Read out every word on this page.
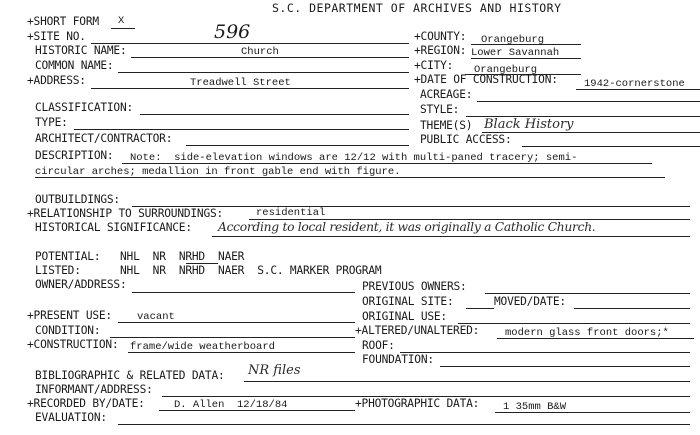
S.C. DEPARTMENT OF ARCHIVES AND HISTORY
+SHORT FORM X
+SITE NO.	596	+COUNTY: Orangeburg
HISTORIC NAME:	Church	+REGION: Lower Savannah
COMMON NAME:	+CITY: Orangeburg
+ADDRESS:	Treadwell Street	+DATE OF CONSTRUCTION: 1942-cornerstone
ACREAGE:
CLASSIFICATION:	STYLE:
TYPE:	THEME(S) Black History
ARCHITECT/CONTRACTOR:	PUBLIC ACCESS:
DESCRIPTION: Note:  side-elevation windows are 12/12 with multi-paned tracery; semi-
circular arches; medallion in front gable end with figure.
OUTBUILDINGS:
+RELATIONSHIP TO SURROUNDINGS:	residential
HISTORICAL SIGNIFICANCE: According to local resident, it was originally a Catholic Church.
POTENTIAL: NHL  NR  NRHD  NAER
LISTED:	NHL  NR  NRHD  NAER  S.C. MARKER PROGRAM
OWNER/ADDRESS:	PREVIOUS OWNERS:
ORIGINAL SITE:	MOVED/DATE:
+PRESENT USE: vacant	ORIGINAL USE:
CONDITION:	+ALTERED/UNALTERED: modern glass front doors;*
+CONSTRUCTION: frame/wide weatherboard	ROOF:
FOUNDATION:
BIBLIOGRAPHIC & RELATED DATA: NR files
INFORMANT/ADDRESS:
+RECORDED BY/DATE:	D. Allen  12/18/84	+PHOTOGRAPHIC DATA: 1 35mm B&W
EVALUATION:
